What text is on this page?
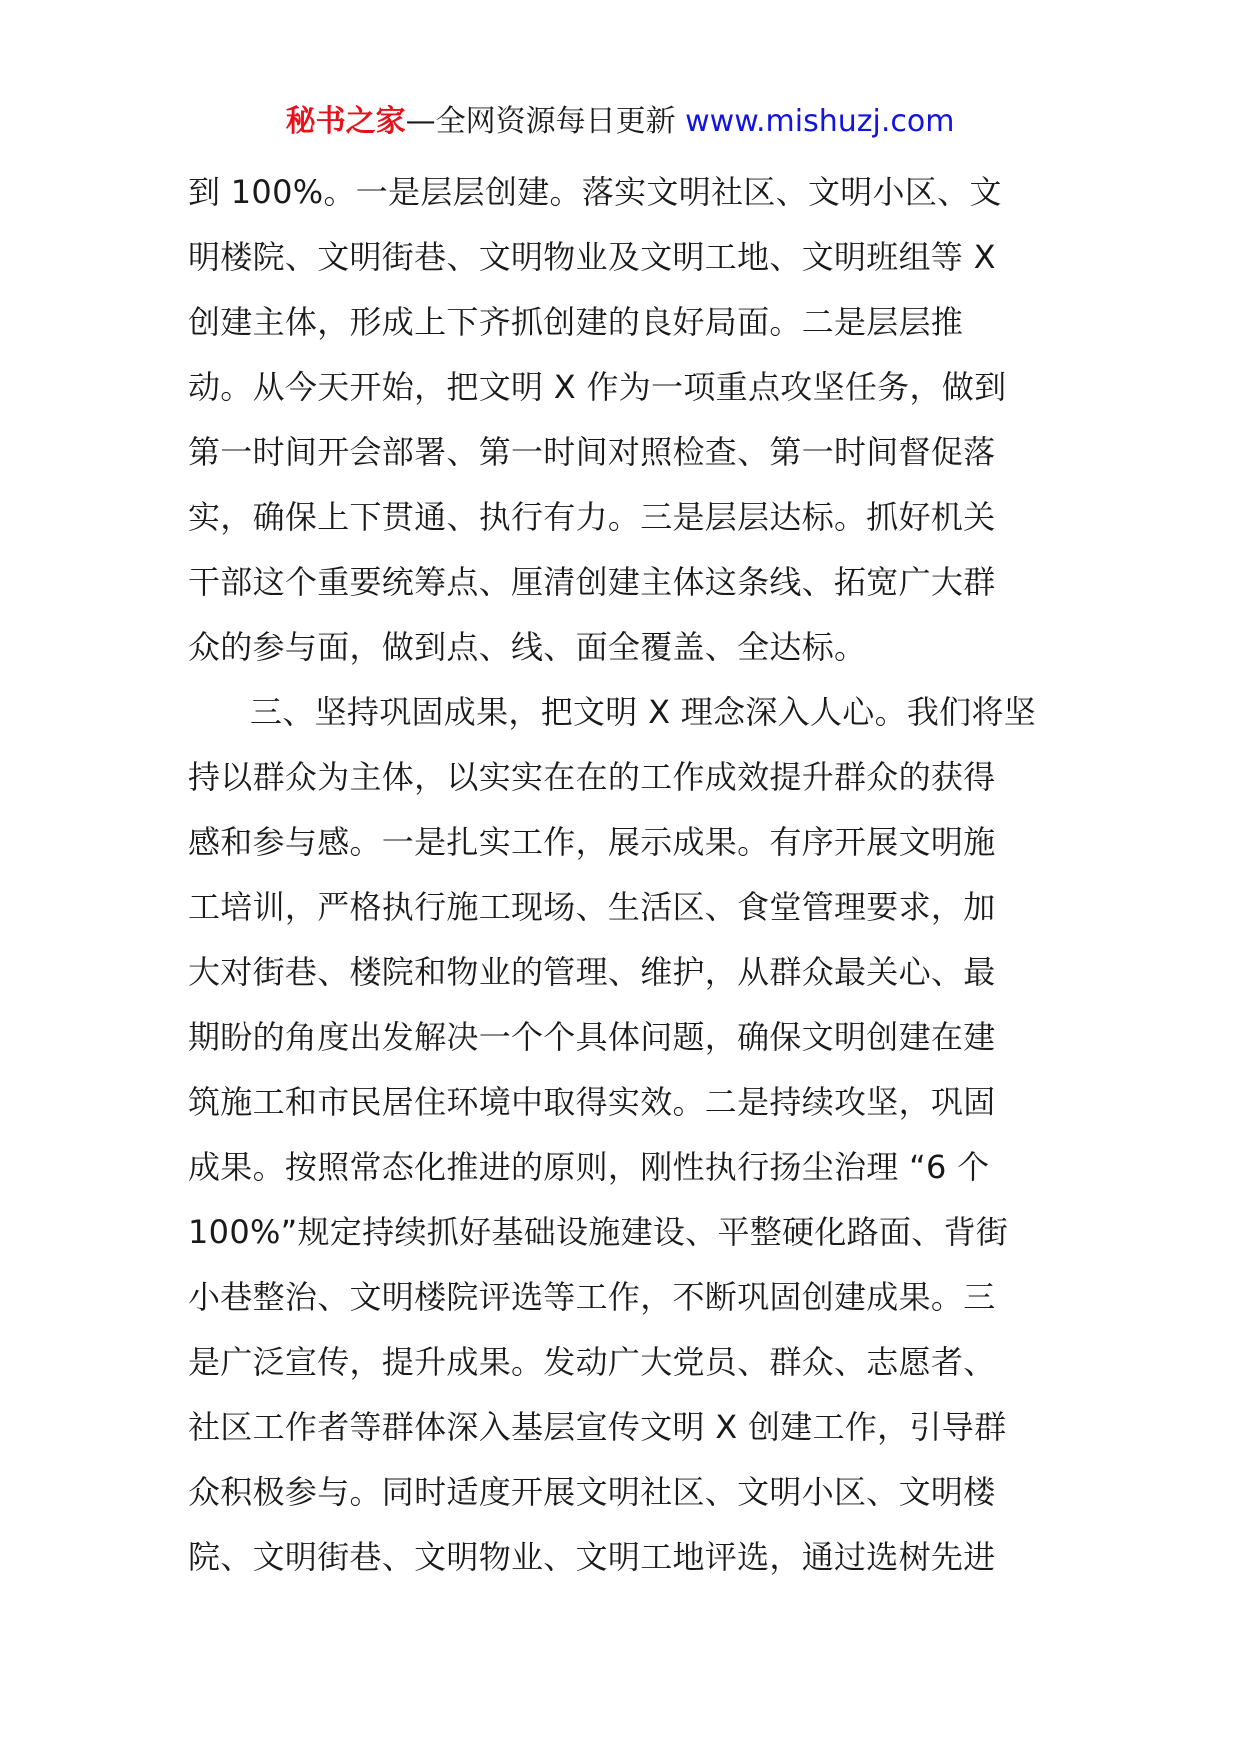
秘书之家—全网资源每日更新 www.mishuzj.com
到 100%。一是层层创建。落实文明社区、文明小区、文
明楼院、文明街巷、文明物业及文明工地、文明班组等 X
创建主体，形成上下齐抓创建的良好局面。二是层层推
动。从今天开始，把文明 X 作为一项重点攻坚任务，做到
第一时间开会部署、第一时间对照检查、第一时间督促落
实，确保上下贯通、执行有力。三是层层达标。抓好机关
干部这个重要统筹点、厘清创建主体这条线、拓宽广大群
众的参与面，做到点、线、面全覆盖、全达标。
三、坚持巩固成果，把文明 X 理念深入人心。我们将坚
持以群众为主体，以实实在在的工作成效提升群众的获得
感和参与感。一是扎实工作，展示成果。有序开展文明施
工培训，严格执行施工现场、生活区、食堂管理要求，加
大对街巷、楼院和物业的管理、维护，从群众最关心、最
期盼的角度出发解决一个个具体问题，确保文明创建在建
筑施工和市民居住环境中取得实效。二是持续攻坚，巩固
成果。按照常态化推进的原则，刚性执行扬尘治理 “6 个
100%”规定持续抓好基础设施建设、平整硬化路面、背街
小巷整治、文明楼院评选等工作，不断巩固创建成果。三
是广泛宣传，提升成果。发动广大党员、群众、志愿者、
社区工作者等群体深入基层宣传文明 X 创建工作，引导群
众积极参与。同时适度开展文明社区、文明小区、文明楼
院、文明街巷、文明物业、文明工地评选，通过选树先进
